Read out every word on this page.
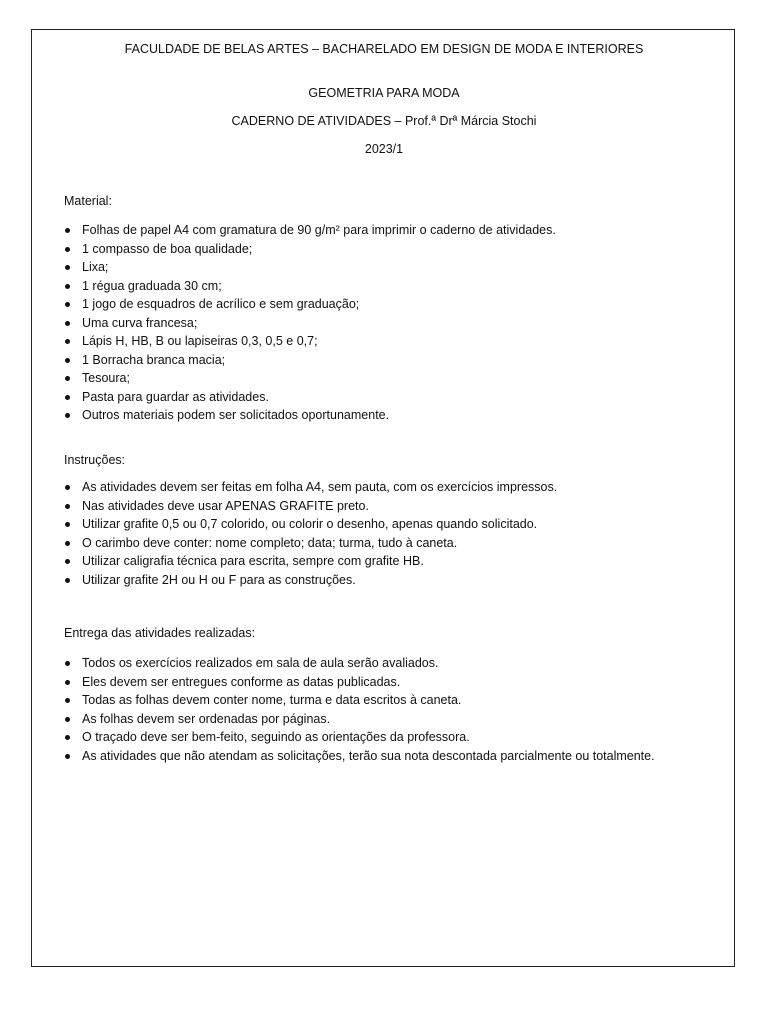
FACULDADE DE BELAS ARTES – BACHARELADO EM DESIGN DE MODA E INTERIORES
GEOMETRIA PARA MODA
CADERNO DE ATIVIDADES – Prof.ª Drª Márcia Stochi
2023/1
Material:
Folhas de papel A4 com gramatura de 90 g/m² para imprimir o caderno de atividades.
1 compasso de boa qualidade;
Lixa;
1 régua graduada 30 cm;
1 jogo de esquadros de acrílico e sem graduação;
Uma curva francesa;
Lápis H, HB, B ou lapiseiras 0,3, 0,5 e 0,7;
1 Borracha branca macia;
Tesoura;
Pasta para guardar as atividades.
Outros materiais podem ser solicitados oportunamente.
Instruções:
As atividades devem ser feitas em folha A4, sem pauta, com os exercícios impressos.
Nas atividades deve usar APENAS GRAFITE preto.
Utilizar grafite 0,5 ou 0,7 colorido, ou colorir o desenho, apenas quando solicitado.
O carimbo deve conter: nome completo; data; turma, tudo à caneta.
Utilizar caligrafia técnica para escrita, sempre com grafite HB.
Utilizar grafite 2H ou H ou F para as construções.
Entrega das atividades realizadas:
Todos os exercícios realizados em sala de aula serão avaliados.
Eles devem ser entregues conforme as datas publicadas.
Todas as folhas devem conter nome, turma e data escritos à caneta.
As folhas devem ser ordenadas por páginas.
O traçado deve ser bem-feito, seguindo as orientações da professora.
As atividades que não atendam as solicitações, terão sua nota descontada parcialmente ou totalmente.
